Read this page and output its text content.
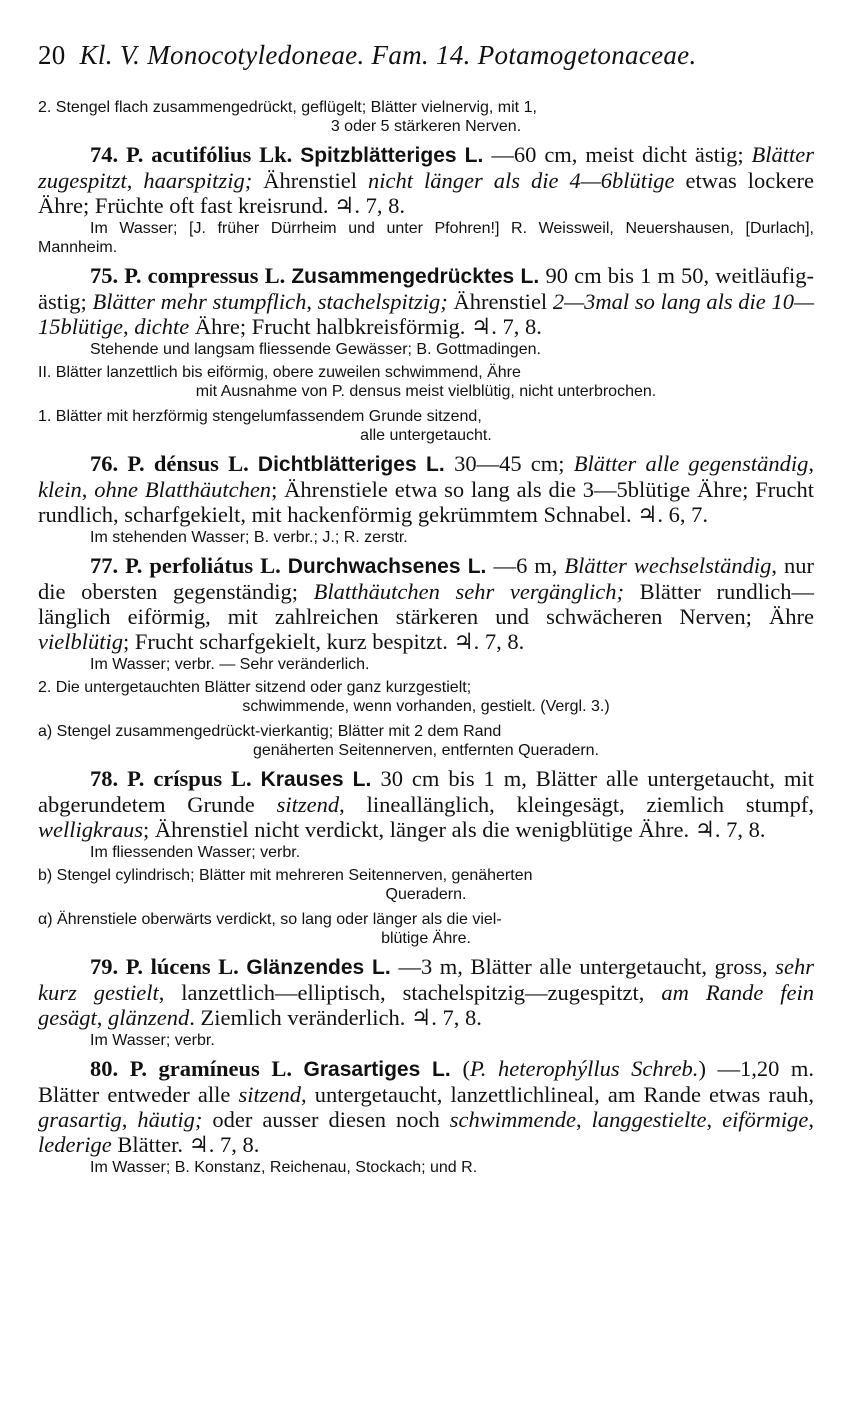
20 Kl. V. Monocotyledoneae. Fam. 14. Potamogetonaceae.
2. Stengel flach zusammengedrückt, geflügelt; Blätter vielnervig, mit 1,
3 oder 5 stärkeren Nerven.
74. P. acutifólius Lk. Spitzblätteriges L. —60 cm, meist dicht ästig; Blätter zugespitzt, haarspitzig; Ährenstiel nicht länger als die 4—6blütige etwas lockere Ähre; Früchte oft fast kreisrund. ♃. 7, 8.
Im Wasser; [J. früher Dürrheim und unter Pfohren!] R. Weissweil, Neuershausen, [Durlach], Mannheim.
75. P. compressus L. Zusammengedrücktes L. 90 cm bis 1 m 50, weitläufig-ästig; Blätter mehr stumpflich, stachelspitzig; Ährenstiel 2—3mal so lang als die 10—15blütige, dichte Ähre; Frucht halbkreisförmig. ♃. 7, 8.
Stehende und langsam fliessende Gewässer; B. Gottmadingen.
II. Blätter lanzettlich bis eiförmig, obere zuweilen schwimmend, Ähre
mit Ausnahme von P. densus meist vielblütig, nicht unterbrochen.
1. Blätter mit herzförmig stengelumfassendem Grunde sitzend,
alle untergetaucht.
76. P. dénsus L. Dichtblätteriges L. 30—45 cm; Blätter alle gegenständig, klein, ohne Blatthäutchen; Ährenstiele etwa so lang als die 3—5blütige Ähre; Frucht rundlich, scharfgekielt, mit hackenförmig gekrümmtem Schnabel. ♃. 6, 7.
Im stehenden Wasser; B. verbr.; J.; R. zerstr.
77. P. perfoliátus L. Durchwachsenes L. —6 m, Blätter wechselständig, nur die obersten gegenständig; Blatthäutchen sehr vergänglich; Blätter rundlich—länglich eiförmig, mit zahlreichen stärkeren und schwächeren Nerven; Ähre vielblütig; Frucht scharfgekielt, kurz bespitzt. ♃. 7, 8.
Im Wasser; verbr. — Sehr veränderlich.
2. Die untergetauchten Blätter sitzend oder ganz kurzgestielt;
schwimmende, wenn vorhanden, gestielt. (Vergl. 3.)
a) Stengel zusammengedrückt-vierkantig; Blätter mit 2 dem Rand
genäherten Seitennerven, entfernten Queradern.
78. P. críspus L. Krauses L. 30 cm bis 1 m, Blätter alle untergetaucht, mit abgerundetem Grunde sitzend, lineallänglich, kleingesägt, ziemlich stumpf, welligkraus; Ährenstiel nicht verdickt, länger als die wenigblütige Ähre. ♃. 7, 8.
Im fliessenden Wasser; verbr.
b) Stengel cylindrisch; Blätter mit mehreren Seitennerven, genäherten
Queradern.
α) Ährenstiele oberwärts verdickt, so lang oder länger als die viel-
blütige Ähre.
79. P. lúcens L. Glänzendes L. —3 m, Blätter alle untergetaucht, gross, sehr kurz gestielt, lanzettlich—elliptisch, stachelspitzig—zugespitzt, am Rande fein gesägt, glänzend. Ziemlich veränderlich. ♃. 7, 8.
Im Wasser; verbr.
80. P. gramíneus L. Grasartiges L. (P. heterophýllus Schreb.) —1,20 m. Blätter entweder alle sitzend, untergetaucht, lanzettlichlineal, am Rande etwas rauh, grasartig, häutig; oder ausser diesen noch schwimmende, langgestielte, eiförmige, lederige Blätter. ♃. 7, 8.
Im Wasser; B. Konstanz, Reichenau, Stockach; und R.
